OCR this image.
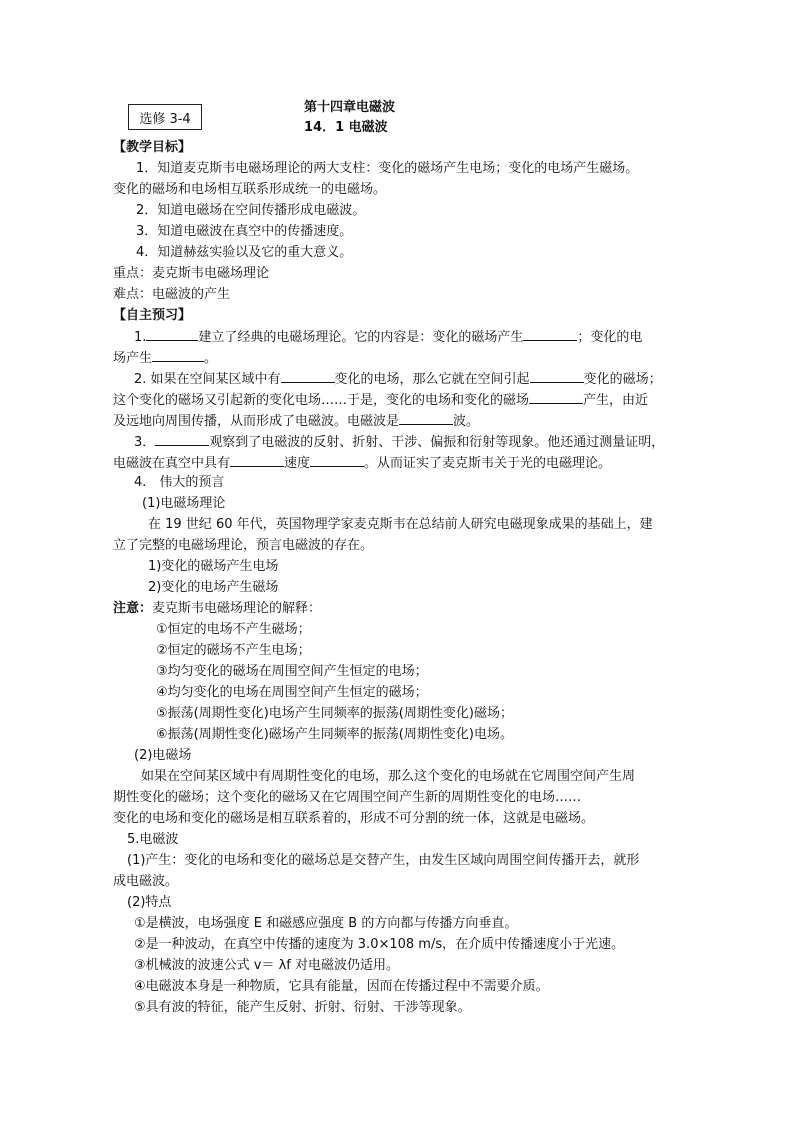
选修 3-4
第十四章电磁波
14．1 电磁波
【教学目标】
1．知道麦克斯韦电磁场理论的两大支柱：变化的磁场产生电场；变化的电场产生磁场。
变化的磁场和电场相互联系形成统一的电磁场。
2．知道电磁场在空间传播形成电磁波。
3．知道电磁波在真空中的传播速度。
4．知道赫兹实验以及它的重大意义。
重点：麦克斯韦电磁场理论
难点：电磁波的产生
【自主预习】
1.	建立了经典的电磁场理论。它的内容是：变化的磁场产生	；变化的电
场产生	。
2. 如果在空间某区域中有	变化的电场，那么它就在空间引起	变化的磁场；
这个变化的磁场又引起新的变化电场……于是，变化的电场和变化的磁场	产生，由近
及远地向周围传播，从而形成了电磁波。电磁波是	波。
3．	观察到了电磁波的反射、折射、干涉、偏振和衍射等现象。他还通过测量证明，
电磁波在真空中具有	速度	。从而证实了麦克斯韦关于光的电磁理论。
4.　伟大的预言
(1)电磁场理论
在 19 世纪 60 年代，英国物理学家麦克斯韦在总结前人研究电磁现象成果的基础上，建
立了完整的电磁场理论，预言电磁波的存在。
1)变化的磁场产生电场
2)变化的电场产生磁场
注意：麦克斯韦电磁场理论的解释：
①恒定的电场不产生磁场；
②恒定的磁场不产生电场；
③均匀变化的磁场在周围空间产生恒定的电场；
④均匀变化的电场在周围空间产生恒定的磁场；
⑤振荡(周期性变化)电场产生同频率的振荡(周期性变化)磁场；
⑥振荡(周期性变化)磁场产生同频率的振荡(周期性变化)电场。
(2)电磁场
如果在空间某区域中有周期性变化的电场，那么这个变化的电场就在它周围空间产生周
期性变化的磁场；这个变化的磁场又在它周围空间产生新的周期性变化的电场……
变化的电场和变化的磁场是相互联系着的，形成不可分割的统一体，这就是电磁场。
5.电磁波
(1)产生：变化的电场和变化的磁场总是交替产生，由发生区域向周围空间传播开去，就形
成电磁波。
(2)特点
①是横波，电场强度 E 和磁感应强度 B 的方向都与传播方向垂直。
②是一种波动，在真空中传播的速度为 3.0×108 m/s，在介质中传播速度小于光速。
③机械波的波速公式 v＝ λf 对电磁波仍适用。
④电磁波本身是一种物质，它具有能量，因而在传播过程中不需要介质。
⑤具有波的特征，能产生反射、折射、衍射、干涉等现象。
